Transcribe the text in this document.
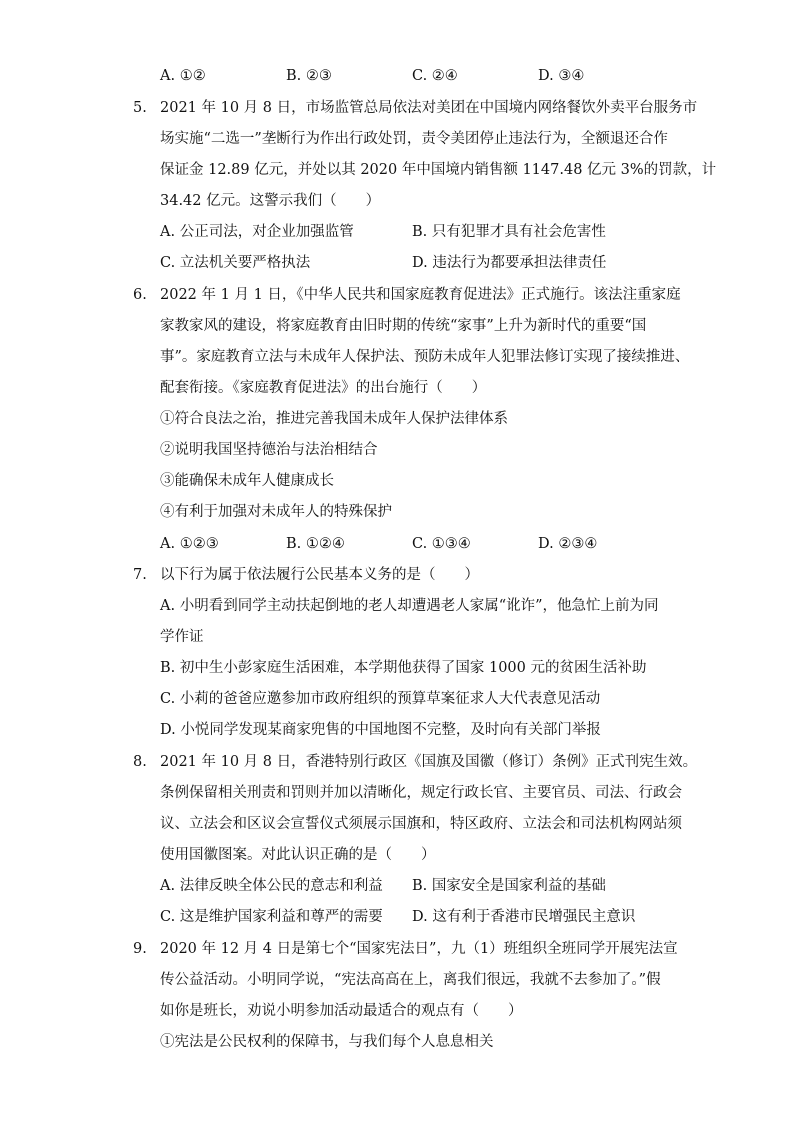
A. ①②	B. ②③	C. ②④	D. ③④
5. 2021 年 10 月 8 日，市场监管总局依法对美团在中国境内网络餐饮外卖平台服务市
场实施“二选一”垄断行为作出行政处罚，责令美团停止违法行为，全额退还合作
保证金 12.89 亿元，并处以其 2020 年中国境内销售额 1147.48 亿元 3%的罚款，计
34.42 亿元。这警示我们（　　）
A. 公正司法，对企业加强监管	B. 只有犯罪才具有社会危害性
C. 立法机关要严格执法	D. 违法行为都要承担法律责任
6. 2022 年 1 月 1 日，《中华人民共和国家庭教育促进法》正式施行。该法注重家庭
家教家风的建设，将家庭教育由旧时期的传统“家事”上升为新时代的重要“国
事”。家庭教育立法与未成年人保护法、预防未成年人犯罪法修订实现了接续推进、
配套衔接。《家庭教育促进法》的出台施行（　　）
①符合良法之治，推进完善我国未成年人保护法律体系
②说明我国坚持德治与法治相结合
③能确保未成年人健康成长
④有利于加强对未成年人的特殊保护
A. ①②③	B. ①②④	C. ①③④	D. ②③④
7. 以下行为属于依法履行公民基本义务的是（　　）
A. 小明看到同学主动扶起倒地的老人却遭遇老人家属“讹诈”，他急忙上前为同
学作证
B. 初中生小彭家庭生活困难，本学期他获得了国家 1000 元的贫困生活补助
C. 小莉的爸爸应邀参加市政府组织的预算草案征求人大代表意见活动
D. 小悦同学发现某商家兜售的中国地图不完整，及时向有关部门举报
8. 2021 年 10 月 8 日，香港特别行政区《国旗及国徽（修订）条例》正式刊宪生效。
条例保留相关刑责和罚则并加以清晰化，规定行政长官、主要官员、司法、行政会
议、立法会和区议会宣誓仪式须展示国旗和，特区政府、立法会和司法机构网站须
使用国徽图案。对此认识正确的是（　　）
A. 法律反映全体公民的意志和利益 B. 国家安全是国家利益的基础
C. 这是维护国家利益和尊严的需要 D. 这有利于香港市民增强民主意识
9. 2020 年 12 月 4 日是第七个“国家宪法日”，九（1）班组织全班同学开展宪法宣
传公益活动。小明同学说，“宪法高高在上，离我们很远，我就不去参加了。”假
如你是班长，劝说小明参加活动最适合的观点有（　　）
①宪法是公民权利的保障书，与我们每个人息息相关
